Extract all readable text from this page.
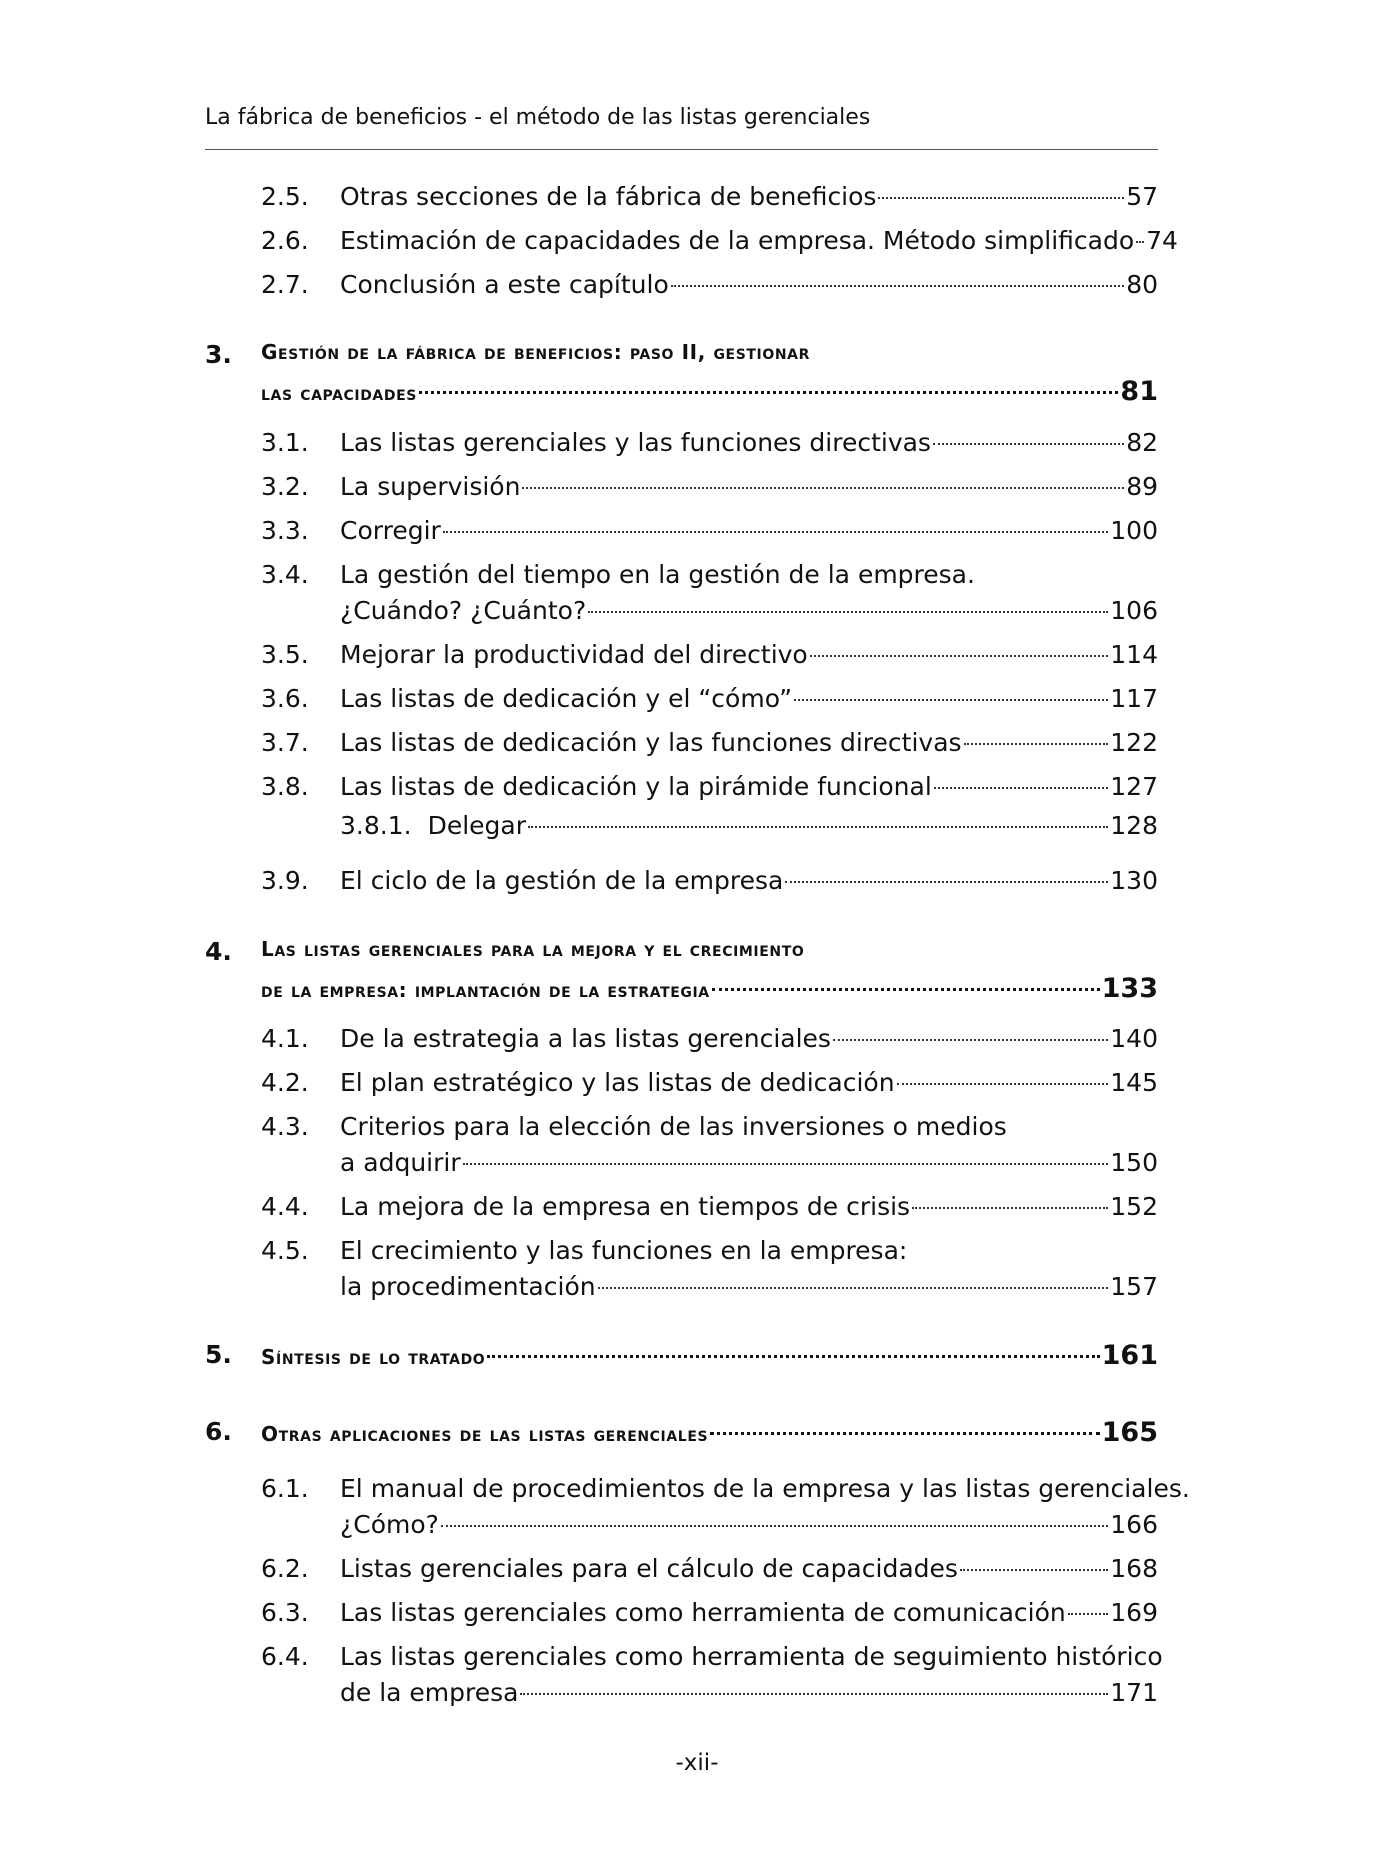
La fábrica de beneficios - el método de las listas gerenciales
2.5. Otras secciones de la fábrica de beneficios	57
2.6. Estimación de capacidades de la empresa. Método simplificado 74
2.7. Conclusión a este capítulo	80
3. Gestión de la fábrica de beneficios: paso II, gestionar
las capacidades	81
3.1. Las listas gerenciales y las funciones directivas	82
3.2. La supervisión	89
3.3. Corregir	100
3.4. La gestión del tiempo en la gestión de la empresa.
¿Cuándo? ¿Cuánto?	106
3.5. Mejorar la productividad del directivo	114
3.6. Las listas de dedicación y el “cómo”	117
3.7. Las listas de dedicación y las funciones directivas	122
3.8. Las listas de dedicación y la pirámide funcional	127
3.8.1. Delegar	128
3.9. El ciclo de la gestión de la empresa	130
4. Las listas gerenciales para la mejora y el crecimiento
de la empresa: implantación de la estrategia	133
4.1. De la estrategia a las listas gerenciales	140
4.2. El plan estratégico y las listas de dedicación	145
4.3. Criterios para la elección de las inversiones o medios
a adquirir	150
4.4. La mejora de la empresa en tiempos de crisis	152
4.5. El crecimiento y las funciones en la empresa:
la procedimentación	157
5. Síntesis de lo tratado	161
6. Otras aplicaciones de las listas gerenciales	165
6.1. El manual de procedimientos de la empresa y las listas gerenciales.
¿Cómo?	166
6.2. Listas gerenciales para el cálculo de capacidades	168
6.3. Las listas gerenciales como herramienta de comunicación 169
6.4. Las listas gerenciales como herramienta de seguimiento histórico
de la empresa	171
-xii-
